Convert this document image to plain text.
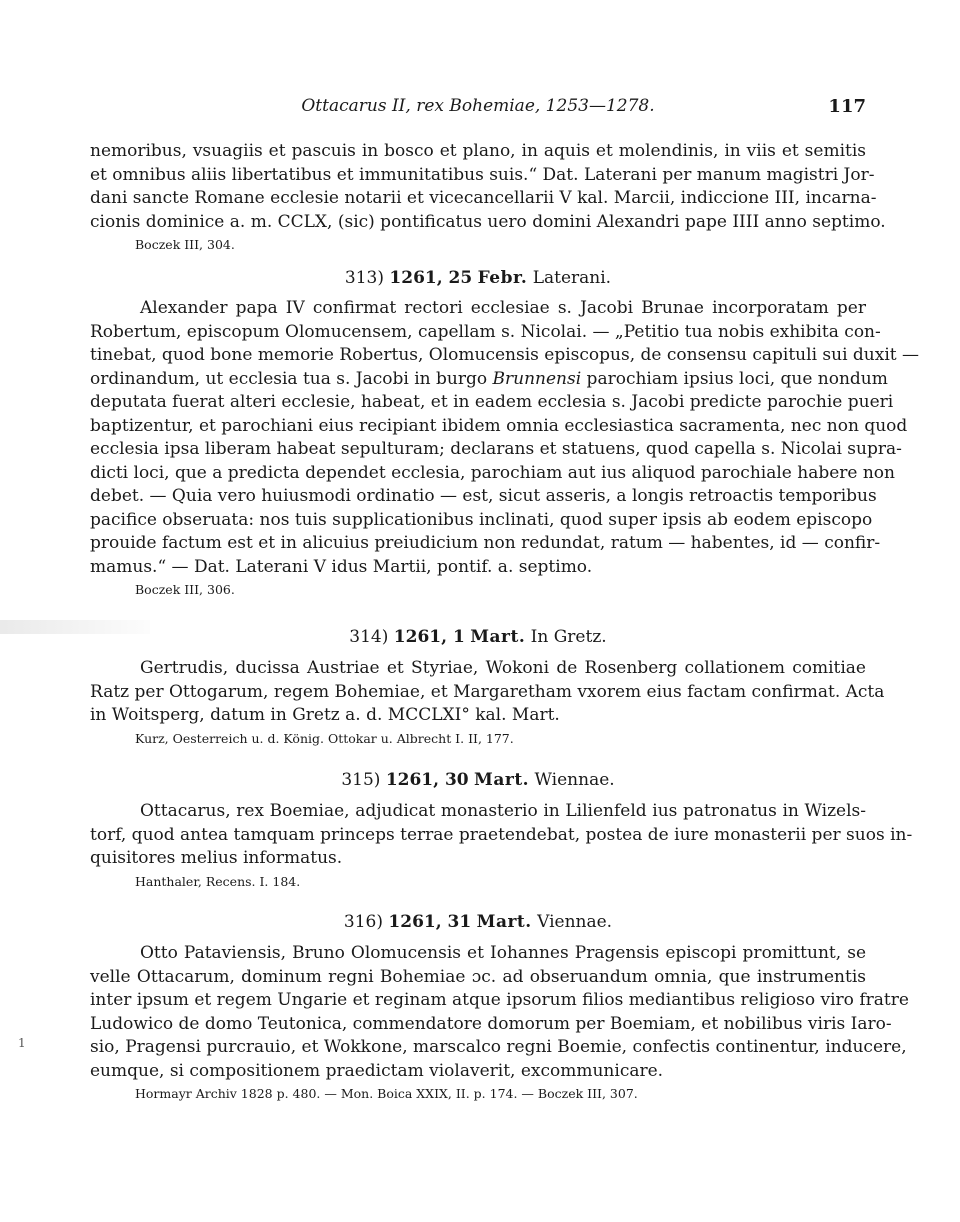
Ottacarus II, rex Bohemiae, 1253—1278.	117
nemoribus, vsuagiis et pascuis in bosco et plano, in aquis et molendinis, in viis et semitis
et omnibus aliis libertatibus et immunitatibus suis.“ Dat. Laterani per manum magistri Jor-
dani sancte Romane ecclesie notarii et vicecancellarii V kal. Marcii, indiccione III, incarna-
cionis dominice a. m. CCLX, (sic) pontificatus uero domini Alexandri pape IIII anno septimo.
Boczek III, 304.
313) 1261, 25 Febr. Laterani.
Alexander papa IV confirmat rectori ecclesiae s. Jacobi Brunae incorporatam per
Robertum, episcopum Olomucensem, capellam s. Nicolai. — „Petitio tua nobis exhibita con-
tinebat, quod bone memorie Robertus, Olomucensis episcopus, de consensu capituli sui duxit —
ordinandum, ut ecclesia tua s. Jacobi in burgo Brunnensi parochiam ipsius loci, que nondum
deputata fuerat alteri ecclesie, habeat, et in eadem ecclesia s. Jacobi predicte parochie pueri
baptizentur, et parochiani eius recipiant ibidem omnia ecclesiastica sacramenta, nec non quod
ecclesia ipsa liberam habeat sepulturam; declarans et statuens, quod capella s. Nicolai supra-
dicti loci, que a predicta dependet ecclesia, parochiam aut ius aliquod parochiale habere non
debet. — Quia vero huiusmodi ordinatio — est, sicut asseris, a longis retroactis temporibus
pacifice obseruata: nos tuis supplicationibus inclinati, quod super ipsis ab eodem episcopo
prouide factum est et in alicuius preiudicium non redundat, ratum — habentes, id — confir-
mamus.“ — Dat. Laterani V idus Martii, pontif. a. septimo.
Boczek III, 306.
314) 1261, 1 Mart. In Gretz.
Gertrudis, ducissa Austriae et Styriae, Wokoni de Rosenberg collationem comitiae
Ratz per Ottogarum, regem Bohemiae, et Margaretham vxorem eius factam confirmat. Acta
in Woitsperg, datum in Gretz a. d. MCCLXI° kal. Mart.
Kurz, Oesterreich u. d. König. Ottokar u. Albrecht I. II, 177.
315) 1261, 30 Mart. Wiennae.
Ottacarus, rex Boemiae, adjudicat monasterio in Lilienfeld ius patronatus in Wizels-
torf, quod antea tamquam princeps terrae praetendebat, postea de iure monasterii per suos in-
quisitores melius informatus.
Hanthaler, Recens. I. 184.
316) 1261, 31 Mart. Viennae.
Otto Pataviensis, Bruno Olomucensis et Iohannes Pragensis episcopi promittunt, se
velle Ottacarum, dominum regni Bohemiae ɔc. ad obseruandum omnia, que instrumentis
inter ipsum et regem Ungarie et reginam atque ipsorum filios mediantibus religioso viro fratre
Ludowico de domo Teutonica, commendatore domorum per Boemiam, et nobilibus viris Iaro-
sio, Pragensi purcrauio, et Wokkone, marscalco regni Boemie, confectis continentur, inducere,
eumque, si compositionem praedictam violaverit, excommunicare.
Hormayr Archiv 1828 p. 480. — Mon. Boica XXIX, II. p. 174. — Boczek III, 307.
1
